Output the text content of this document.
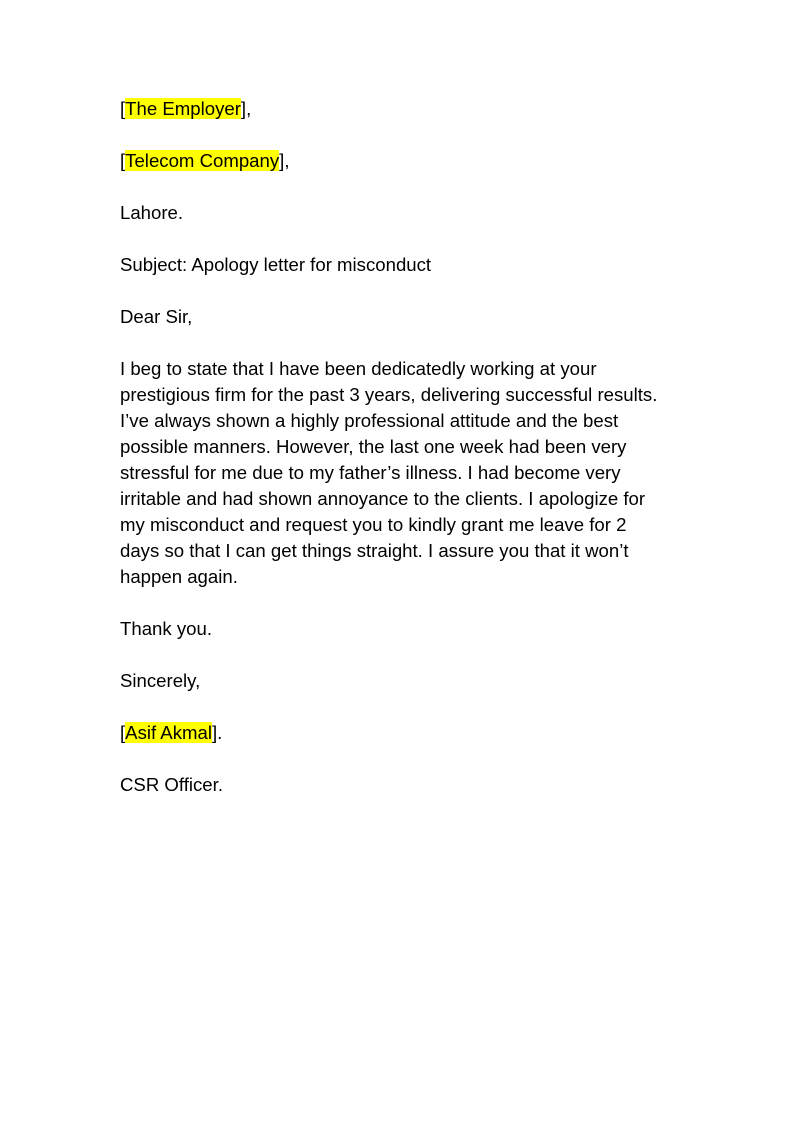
[The Employer],

[Telecom Company],

Lahore.

Subject: Apology letter for misconduct

Dear Sir,

I beg to state that I have been dedicatedly working at your prestigious firm for the past 3 years, delivering successful results. I’ve always shown a highly professional attitude and the best possible manners. However, the last one week had been very stressful for me due to my father’s illness. I had become very irritable and had shown annoyance to the clients. I apologize for my misconduct and request you to kindly grant me leave for 2 days so that I can get things straight. I assure you that it won’t happen again.

Thank you.

Sincerely,

[Asif Akmal].

CSR Officer.
